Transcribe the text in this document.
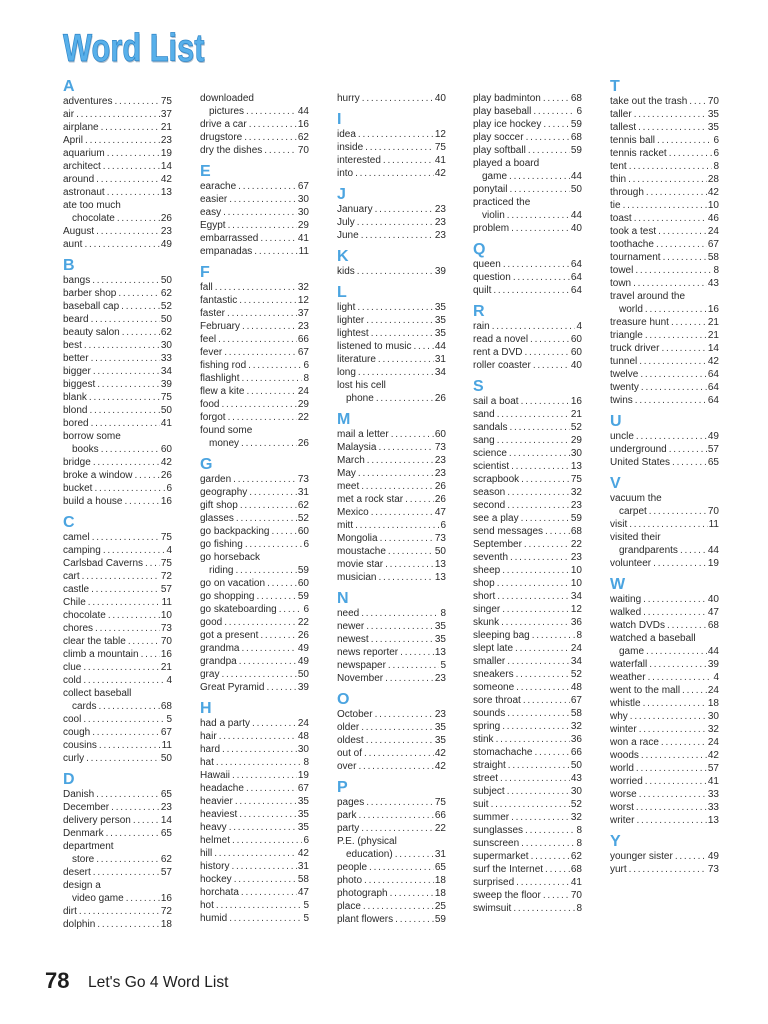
Word List
A
adventures . . .	75
air . . .	37
airplane . . .	21
April . . .	23
aquarium . . .	19
architect . . .	14
around . . .	42
astronaut . . .	13
ate too much
chocolate . . .	26
August . . .	23
aunt . . .	49
B
bangs . . .	50
barber shop . . .	62
baseball cap . . .	52
beard . . .	50
beauty salon . . .	62
best . . .	30
better . . .	33
bigger . . .	34
biggest . . .	39
blank . . .	75
blond . . .	50
bored . . .	41
borrow some
books . . .	60
bridge . . .	42
broke a window . . .	26
bucket . . .	6
build a house . . .	16
C
camel . . .	75
camping . . .	4
Carlsbad Caverns . . . 75
cart . . .	72
castle . . .	57
Chile . . .	11
chocolate . . .	10
chores . . .	73
clear the table . . .	70
climb a mountain . . . 16
clue . . .	21
cold . . .	4
collect baseball
cards . . .	68
cool . . .	5
cough . . .	67
cousins . . .	11
curly . . .	50
D
Danish . . .	65
December . . .	23
delivery person . . .	14
Denmark . . .	65
department
store . . .	62
desert . . .	57
design a
video game . . .	16
dirt . . .	72
dolphin . . .	18
downloaded
pictures . . .	44
drive a car . . .	16
drugstore . . .	62
dry the dishes . . .	70
E
earache . . .	67
easier . . .	30
easy . . .	30
Egypt . . .	29
embarrassed . . .	41
empanadas . . .	11
F
fall . . .	32
fantastic . . .	12
faster . . .	37
February . . .	23
feel . . .	66
fever . . .	67
fishing rod . . .	6
flashlight . . .	8
flew a kite . . .	24
food . . .	29
forgot . . .	22
found some
money . . .	26
G
garden . . .	73
geography . . .	31
gift shop . . .	62
glasses . . .	52
go backpacking . . .	60
go fishing . . .	6
go horseback
riding . . .	59
go on vacation . . .	60
go shopping . . .	59
go skateboarding . . .	6
good . . .	22
got a present . . .	26
grandma . . .	49
grandpa . . .	49
gray . . .	50
Great Pyramid . . .	39
H
had a party . . .	24
hair . . .	48
hard . . .	30
hat . . .	8
Hawaii . . .	19
headache . . .	67
heavier . . .	35
heaviest . . .	35
heavy . . .	35
helmet . . .	6
hill . . .	42
history . . .	31
hockey . . .	58
horchata . . .	47
hot . . .	5
humid . . .	5
hurry . . .	40
I
idea . . .	12
inside . . .	75
interested . . .	41
into . . .	42
J
January . . .	23
July . . .	23
June . . .	23
K
kids . . .	39
L
light . . .	35
lighter . . .	35
lightest . . .	35
listened to music . . . 44
literature . . .	31
long . . .	34
lost his cell
phone . . .	26
M
mail a letter . . .	60
Malaysia . . .	73
March . . .	23
May . . .	23
meet . . .	26
met a rock star . . .	26
Mexico . . .	47
mitt . . .	6
Mongolia . . .	73
moustache . . .	50
movie star . . .	13
musician . . .	13
N
need . . .	8
newer . . .	35
newest . . .	35
news reporter . . .	13
newspaper . . .	5
November . . .	23
O
October . . .	23
older . . .	35
oldest . . .	35
out of . . .	42
over . . .	42
P
pages . . .	75
park . . .	66
party . . .	22
P.E. (physical
education) . . .	31
people . . .	65
photo . . .	18
photograph . . .	18
place . . .	25
plant flowers . . .	59
play badminton . . .	68
play baseball . . .	6
play ice hockey . . .	59
play soccer . . .	68
play softball . . .	59
played a board
game . . .	44
ponytail . . .	50
practiced the
violin . . .	44
problem . . .	40
Q
queen . . .	64
question . . .	64
quilt . . .	64
R
rain . . .	4
read a novel . . .	60
rent a DVD . . .	60
roller coaster . . .	40
S
sail a boat . . .	16
sand . . .	21
sandals . . .	52
sang . . .	29
science . . .	30
scientist . . .	13
scrapbook . . .	75
season . . .	32
second . . .	23
see a play . . .	59
send messages . . .	68
September . . .	22
seventh . . .	23
sheep . . .	10
shop . . .	10
short . . .	34
singer . . .	12
skunk . . .	36
sleeping bag . . .	8
slept late . . .	24
smaller . . .	34
sneakers . . .	52
someone . . .	48
sore throat . . .	67
sounds . . .	58
spring . . .	32
stink . . .	36
stomachache . . .	66
straight . . .	50
street . . .	43
subject . . .	30
suit . . .	52
summer . . .	32
sunglasses . . .	8
sunscreen . . .	8
supermarket . . .	62
surf the Internet . . .	68
surprised . . .	41
sweep the floor . . .	70
swimsuit . . .	8
T
take out the trash . . . 70
taller . . .	35
tallest . . .	35
tennis ball . . .	6
tennis racket . . .	6
tent . . .	8
thin . . .	28
through . . .	42
tie . . .	10
toast . . .	46
took a test . . .	24
toothache . . .	67
tournament . . .	58
towel . . .	8
town . . .	43
travel around the
world . . .	16
treasure hunt . . .	21
triangle . . .	21
truck driver . . .	14
tunnel . . .	42
twelve . . .	64
twenty . . .	64
twins . . .	64
U
uncle . . .	49
underground . . .	57
United States . . .	65
V
vacuum the
carpet . . .	70
visit . . .	11
visited their
grandparents . . .	44
volunteer . . .	19
W
waiting . . .	40
walked . . .	47
watch DVDs . . .	68
watched a baseball
game . . .	44
waterfall . . .	39
weather . . .	4
went to the mall . . .	24
whistle . . .	18
why . . .	30
winter . . .	32
won a race . . .	24
woods . . .	42
world . . .	57
worried . . .	41
worse . . .	33
worst . . .	33
writer . . .	13
Y
younger sister . . .	49
yurt . . .	73
78 Let's Go 4 Word List
